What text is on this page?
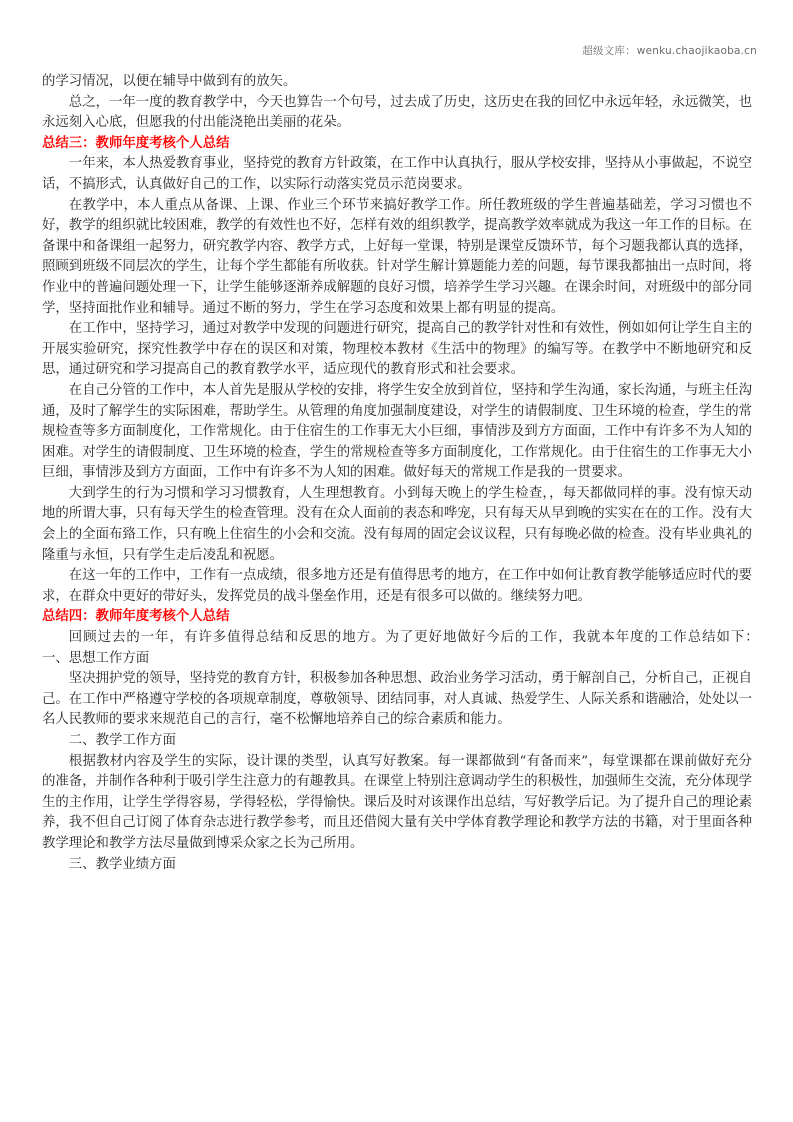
超级文库 ： wenku.chaojikaoba.cn

的学习情况，以便在辅导中做到有的放矢。

总之，一年一度的教育教学中，今天也算告一个句号，过去成了历史，这历史在我的回忆中永远年轻，永远微笑，也永远刻入心底，但愿我的付出能浇艳出美丽的花朵。

总结三：教师年度考核个人总结

一年来，本人热爱教育事业，坚持党的教育方针政策，在工作中认真执行，服从学校安排，坚持从小事做起，不说空话，不搞形式，认真做好自己的工作，以实际行动落实党员示范岗要求。

在教学中，本人重点从备课、上课、作业三个环节来搞好教学工作。所任教班级的学生普遍基础差，学习习惯也不好，教学的组织就比较困难，教学的有效性也不好，怎样有效的组织教学，提高教学效率就成为我这一年工作的目标。在备课中和备课组一起努力，研究教学内容、教学方式，上好每一堂课，特别是课堂反馈环节，每个习题我都认真的选择，照顾到班级不同层次的学生，让每个学生都能有所收获。针对学生解计算题能力差的问题，每节课我都抽出一点时间，将作业中的普遍问题处理一下，让学生能够逐渐养成解题的良好习惯，培养学生学习兴趣。在课余时间，对班级中的部分同学，坚持面批作业和辅导。通过不断的努力，学生在学习态度和效果上都有明显的提高。

在工作中，坚持学习，通过对教学中发现的问题进行研究，提高自己的教学针对性和有效性，例如如何让学生自主的开展实验研究，探究性教学中存在的误区和对策，物理校本教材《生活中的物理》的编写等。在教学中不断地研究和反思，通过研究和学习提高自己的教育教学水平，适应现代的教育形式和社会要求。

在自己分管的工作中，本人首先是服从学校的安排，将学生安全放到首位，坚持和学生沟通，家长沟通，与班主任沟通，及时了解学生的实际困难，帮助学生。从管理的角度加强制度建设，对学生的请假制度、卫生环境的检查，学生的常规检查等多方面制度化，工作常规化。由于住宿生的工作事无大小巨细，事情涉及到方方面面，工作中有许多不为人知的困难。对学生的请假制度、卫生环境的检查，学生的常规检查等多方面制度化，工作常规化。由于住宿生的工作事无大小巨细，事情涉及到方方面面，工作中有许多不为人知的困难。做好每天的常规工作是我的一贯要求。

大到学生的行为习惯和学习习惯教育，人生理想教育。小到每天晚上的学生检查，，每天都做同样的事。没有惊天动地的所谓大事，只有每天学生的检查管理。没有在众人面前的表态和哗宠，只有每天从早到晚的实实在在的工作。没有大会上的全面布臵工作，只有晚上住宿生的小会和交流。没有每周的固定会议议程，只有每晚必做的检查。没有毕业典礼的隆重与永恒，只有学生走后凌乱和祝愿。

在这一年的工作中，工作有一点成绩，很多地方还是有值得思考的地方，在工作中如何让教育教学能够适应时代的要求，在群众中更好的带好头，发挥党员的战斗堡垒作用，还是有很多可以做的。继续努力吧。

总结四：教师年度考核个人总结

回顾过去的一年，有许多值得总结和反思的地方。为了更好地做好今后的工作，我就本年度的工作总结如下：　　一、思想工作方面

坚决拥护党的领导，坚持党的教育方针，积极参加各种思想、政治业务学习活动，勇于解剖自己，分析自己，正视自己。在工作中严格遵守学校的各项规章制度，尊敬领导、团结同事，对人真诚、热爱学生、人际关系和谐融洽，处处以一名人民教师的要求来规范自己的言行，毫不松懈地培养自己的综合素质和能力。

二、教学工作方面

根据教材内容及学生的实际，设计课的类型，认真写好教案。每一课都做到“有备而来”，每堂课都在课前做好充分的准备，并制作各种利于吸引学生注意力的有趣教具。在课堂上特别注意调动学生的积极性，加强师生交流，充分体现学生的主作用，让学生学得容易，学得轻松，学得愉快。课后及时对该课作出总结，写好教学后记。为了提升自己的理论素养，我不但自己订阅了体育杂志进行教学参考，而且还借阅大量有关中学体育教学理论和教学方法的书籍，对于里面各种教学理论和教学方法尽量做到博采众家之长为己所用。

三、教学业绩方面
